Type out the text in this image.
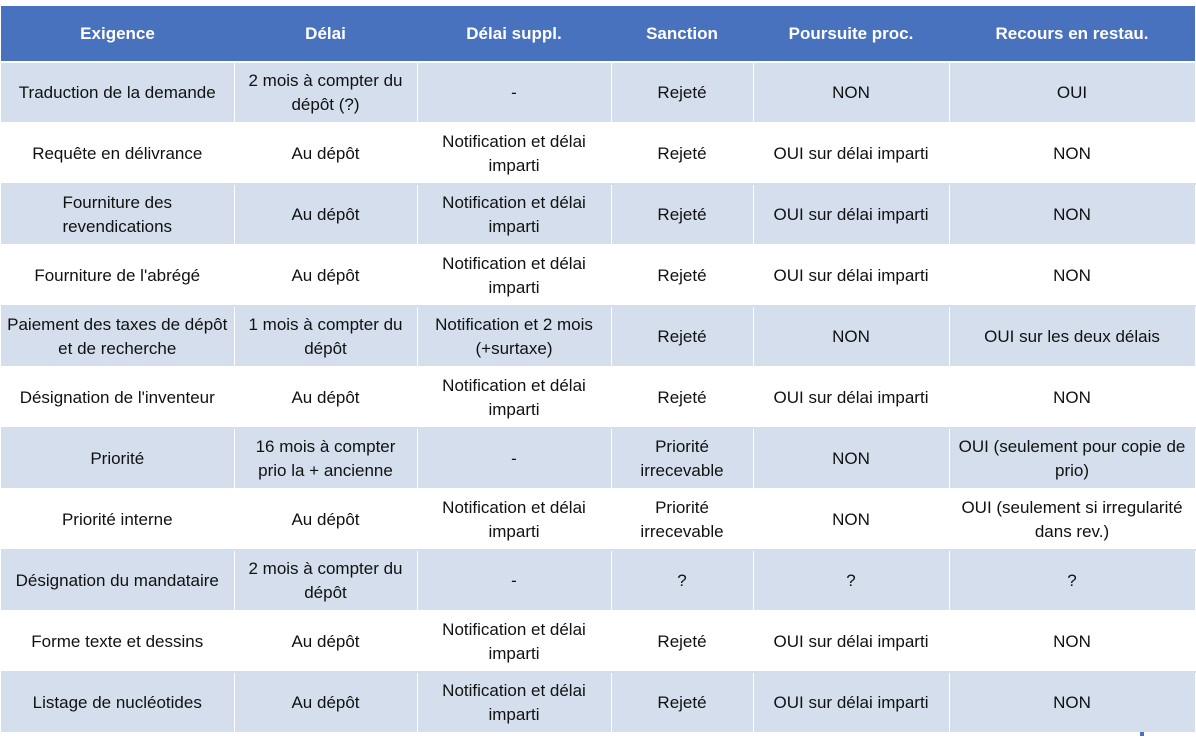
Exigence	Délai	Délai suppl.	Sanction	Poursuite proc.	Recours en restau.
Traduction de la demande	2 mois à compter du dépôt (?)	-	Rejeté	NON	OUI
Requête en délivrance	Au dépôt	Notification et délai imparti	Rejeté	OUI sur délai imparti	NON
Fourniture des revendications	Au dépôt	Notification et délai imparti	Rejeté	OUI sur délai imparti	NON
Fourniture de l'abrégé	Au dépôt	Notification et délai imparti	Rejeté	OUI sur délai imparti	NON
Paiement des taxes de dépôt et de recherche	1 mois à compter du dépôt	Notification et 2 mois (+surtaxe)	Rejeté	NON	OUI sur les deux délais
Désignation de l'inventeur	Au dépôt	Notification et délai imparti	Rejeté	OUI sur délai imparti	NON
Priorité	16 mois à compter prio la + ancienne	-	Priorité irrecevable	NON	OUI (seulement pour copie de prio)
Priorité interne	Au dépôt	Notification et délai imparti	Priorité irrecevable	NON	OUI (seulement si irregularité dans rev.)
Désignation du mandataire	2 mois à compter du dépôt	-	?	?	?
Forme texte et dessins	Au dépôt	Notification et délai imparti	Rejeté	OUI sur délai imparti	NON
Listage de nucléotides	Au dépôt	Notification et délai imparti	Rejeté	OUI sur délai imparti	NON
